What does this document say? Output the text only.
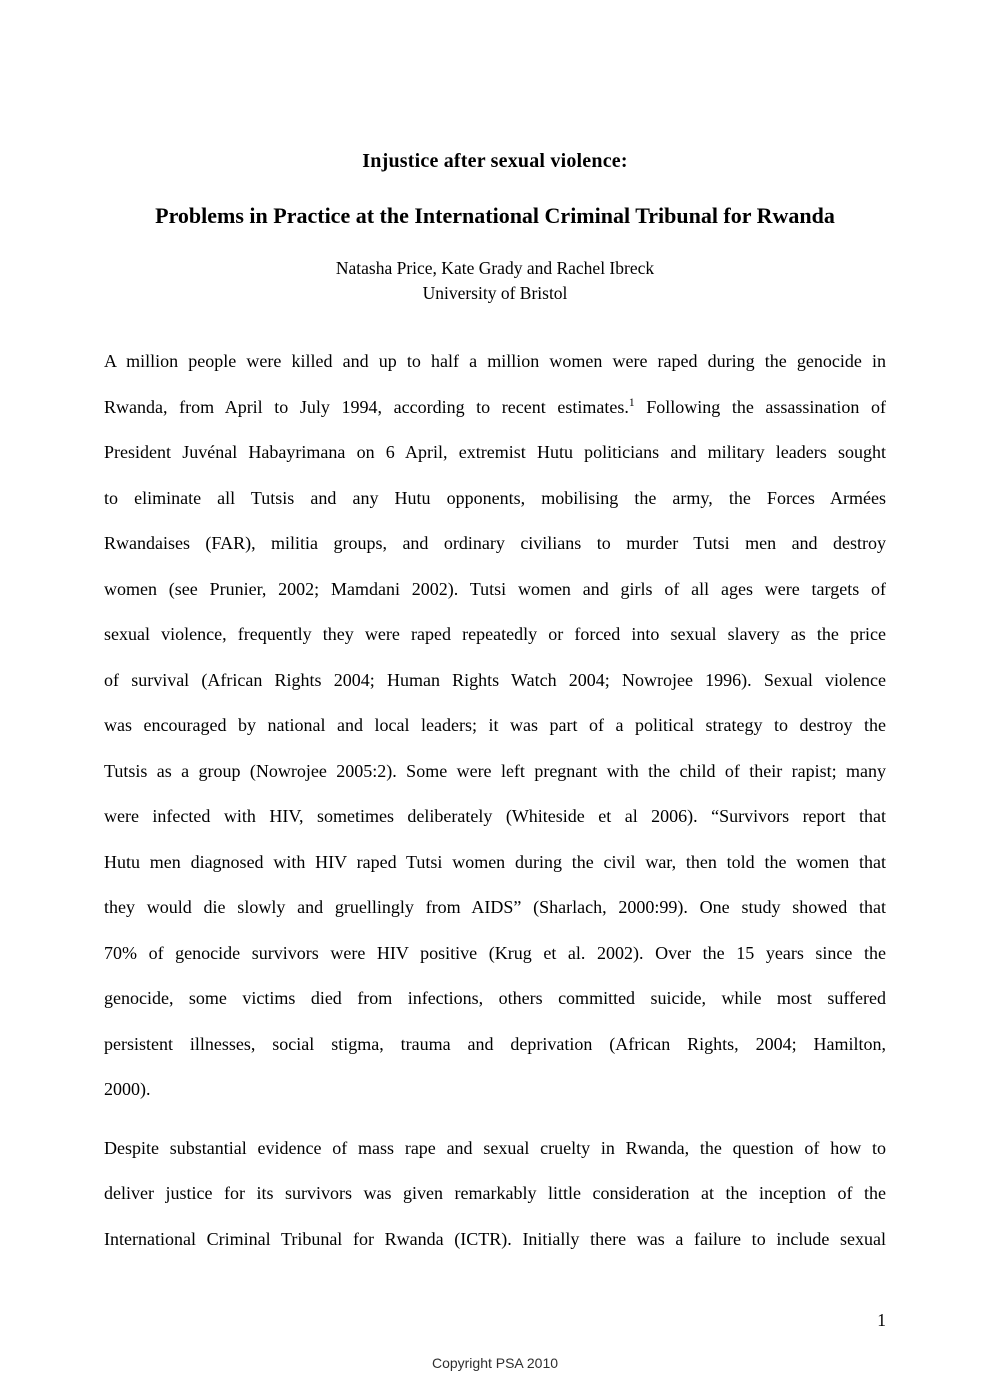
Injustice after sexual violence:
Problems in Practice at the International Criminal Tribunal for Rwanda
Natasha Price, Kate Grady and Rachel Ibreck
University of Bristol
A million people were killed and up to half a million women were raped during the genocide in
Rwanda, from April to July 1994, according to recent estimates.$^1$ Following the assassination of
President Juvénal Habayrimana on 6 April, extremist Hutu politicians and military leaders sought
to eliminate all Tutsis and any Hutu opponents, mobilising the army, the Forces Armées
Rwandaises (FAR), militia groups, and ordinary civilians to murder Tutsi men and destroy
women (see Prunier, 2002; Mamdani 2002). Tutsi women and girls of all ages were targets of
sexual violence, frequently they were raped repeatedly or forced into sexual slavery as the price
of survival (African Rights 2004; Human Rights Watch 2004; Nowrojee 1996). Sexual violence
was encouraged by national and local leaders; it was part of a political strategy to destroy the
Tutsis as a group (Nowrojee 2005:2). Some were left pregnant with the child of their rapist; many
were infected with HIV, sometimes deliberately (Whiteside et al 2006). “Survivors report that
Hutu men diagnosed with HIV raped Tutsi women during the civil war, then told the women that
they would die slowly and gruellingly from AIDS” (Sharlach, 2000:99). One study showed that
70% of genocide survivors were HIV positive (Krug et al. 2002). Over the 15 years since the
genocide, some victims died from infections, others committed suicide, while most suffered
persistent illnesses, social stigma, trauma and deprivation (African Rights, 2004; Hamilton,
2000).
Despite substantial evidence of mass rape and sexual cruelty in Rwanda, the question of how to
deliver justice for its survivors was given remarkably little consideration at the inception of the
International Criminal Tribunal for Rwanda (ICTR). Initially there was a failure to include sexual
1
Copyright PSA 2010
